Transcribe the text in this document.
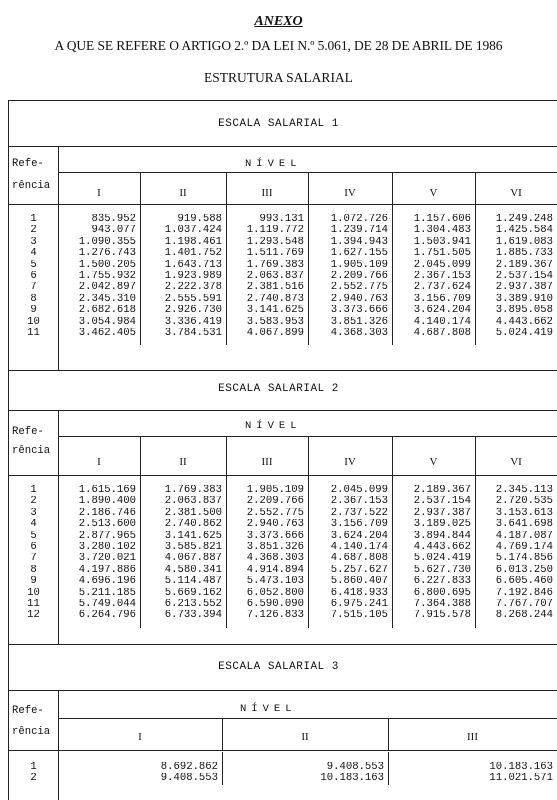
ANEXO
A QUE SE REFERE O ARTIGO 2.º DA LEI N.º 5.061, DE 28 DE ABRIL DE 1986
ESTRUTURA SALARIAL
ESCALA SALARIAL 1
Refe-
rência
NÍVEL
I	II	III	IV	V	VI

1	835.952	919.588	993.131	1.072.726	1.157.606	1.249.248
2	943.077	1.037.424	1.119.772	1.239.714	1.304.483	1.425.584
3	1.090.355	1.198.461	1.293.548	1.394.943	1.503.941	1.619.083
4	1.276.743	1.401.752	1.511.769	1.627.155	1.751.505	1.885.733
5	1.500.205	1.643.713	1.769.383	1.905.109	2.045.099	2.189.367
6	1.755.932	1.923.989	2.063.837	2.209.766	2.367.153	2.537.154
7	2.042.897	2.222.378	2.381.516	2.552.775	2.737.624	2.937.387
8	2.345.310	2.555.591	2.740.873	2.940.763	3.156.709	3.389.910
9	2.682.618	2.926.730	3.141.625	3.373.666	3.624.204	3.895.058
10	3.054.984	3.336.419	3.583.953	3.851.326	4.140.174	4.443.662
11	3.462.405	3.784.531	4.067.899	4.368.303	4.687.808	5.024.419

ESCALA SALARIAL 2
Refe-
rência
NÍVEL
I	II	III	IV	V	VI

1	1.615.169	1.769.383	1.905.109	2.045.099	2.189.367	2.345.113
2	1.890.400	2.063.837	2.209.766	2.367.153	2.537.154	2.720.535
3	2.186.746	2.381.500	2.552.775	2.737.522	2.937.387	3.153.613
4	2.513.600	2.740.862	2.940.763	3.156.709	3.189.025	3.641.698
5	2.877.965	3.141.625	3.373.666	3.624.204	3.894.844	4.187.087
6	3.280.102	3.585.821	3.851.326	4.140.174	4.443.662	4.769.174
7	3.720.021	4.067.887	4.368.303	4.687.808	5.024.419	5.174.856
8	4.197.886	4.580.341	4.914.894	5.257.627	5.627.730	6.013.250
9	4.696.196	5.114.487	5.473.103	5.860.407	6.227.833	6.605.460
10	5.211.185	5.669.162	6.052.800	6.418.933	6.800.695	7.192.846
11	5.749.044	6.213.552	6.590.090	6.975.241	7.364.388	7.767.707
12	6.264.796	6.733.394	7.126.833	7.515.105	7.915.578	8.268.244

ESCALA SALARIAL 3
Refe-
rência
NÍVEL
I	II	III

1	8.692.862	9.408.553	10.183.163
2	9.408.553	10.183.163	11.021.571
